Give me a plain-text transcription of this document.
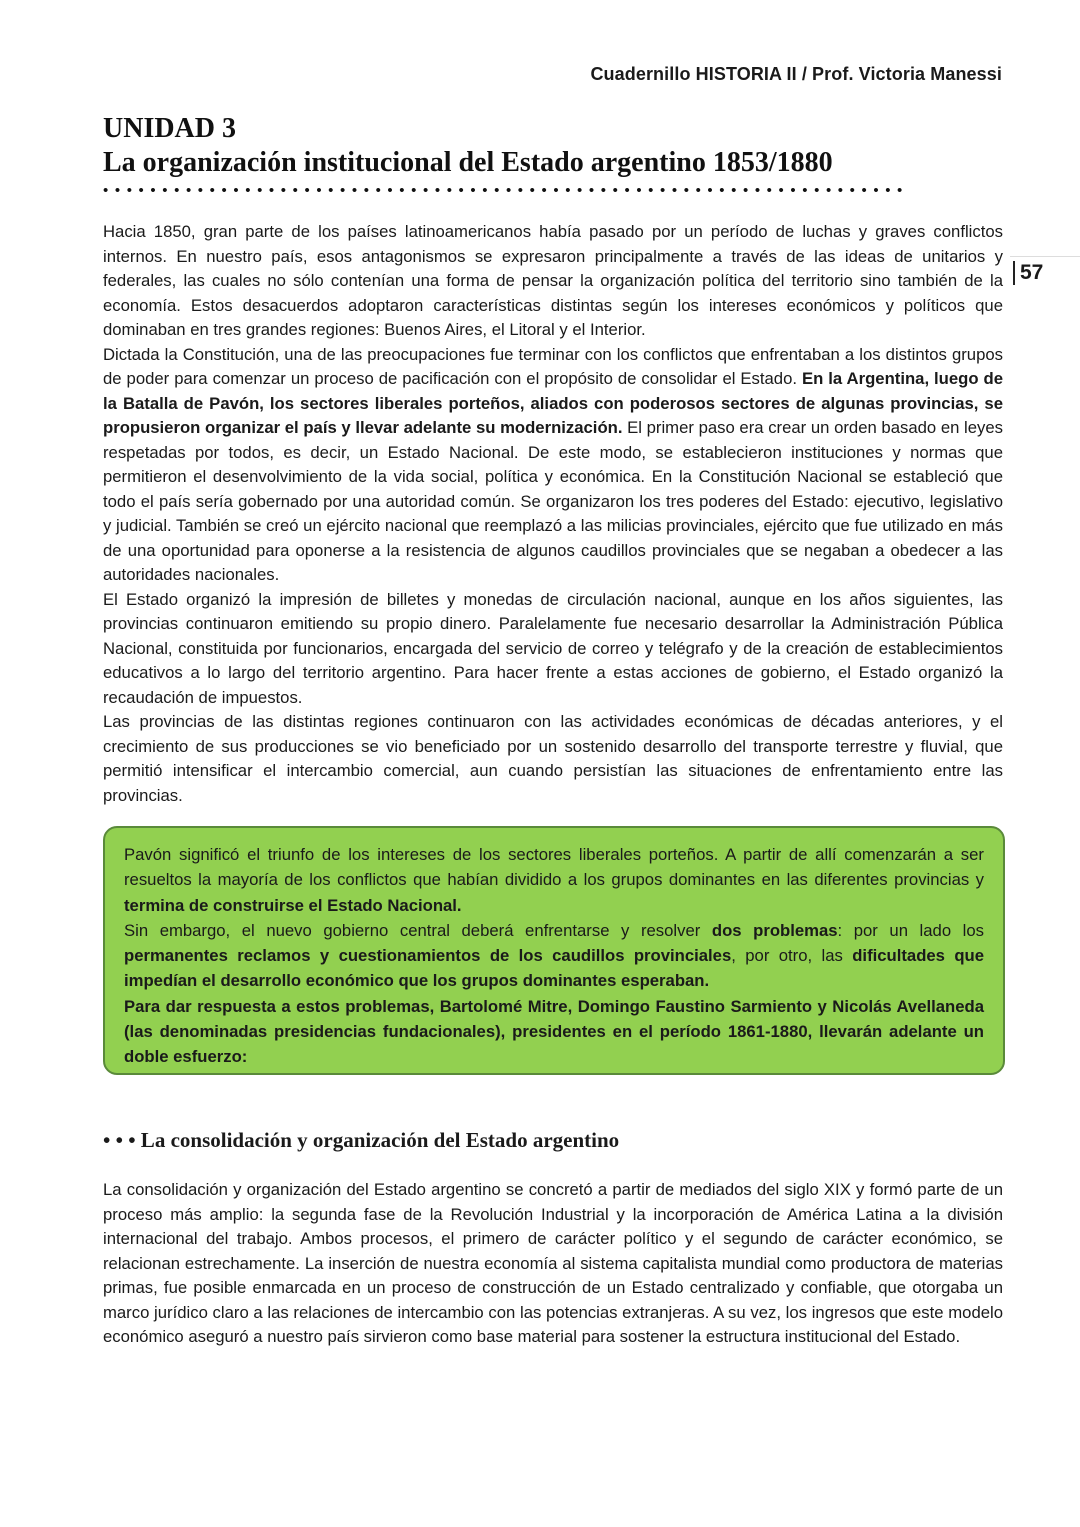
Cuadernillo HISTORIA II / Prof. Victoria Manessi
57
UNIDAD 3
La organización institucional del Estado argentino 1853/1880
••••••••••••••••••••••••••••••••••••••••••••••••••••••••••••••••••••

Hacia 1850, gran parte de los países latinoamericanos había pasado por un período de luchas y graves conflictos internos. En nuestro país, esos antagonismos se expresaron principalmente a través de las ideas de unitarios y federales, las cuales no sólo contenían una forma de pensar la organización política del territorio sino también de la economía. Estos desacuerdos adoptaron características distintas según los intereses económicos y políticos que dominaban en tres grandes regiones: Buenos Aires, el Litoral y el Interior.

Dictada la Constitución, una de las preocupaciones fue terminar con los conflictos que enfrentaban a los distintos grupos de poder para comenzar un proceso de pacificación con el propósito de consolidar el Estado. En la Argentina, luego de la Batalla de Pavón, los sectores liberales porteños, aliados con poderosos sectores de algunas provincias, se propusieron organizar el país y llevar adelante su modernización. El primer paso era crear un orden basado en leyes respetadas por todos, es decir, un Estado Nacional. De este modo, se establecieron instituciones y normas que permitieron el desenvolvimiento de la vida social, política y económica. En la Constitución Nacional se estableció que todo el país sería gobernado por una autoridad común. Se organizaron los tres poderes del Estado: ejecutivo, legislativo y judicial. También se creó un ejército nacional que reemplazó a las milicias provinciales, ejército que fue utilizado en más de una oportunidad para oponerse a la resistencia de algunos caudillos provinciales que se negaban a obedecer a las autoridades nacionales.

El Estado organizó la impresión de billetes y monedas de circulación nacional, aunque en los años siguientes, las provincias continuaron emitiendo su propio dinero. Paralelamente fue necesario desarrollar la Administración Pública Nacional, constituida por funcionarios, encargada del servicio de correo y telégrafo y de la creación de establecimientos educativos a lo largo del territorio argentino. Para hacer frente a estas acciones de gobierno, el Estado organizó la recaudación de impuestos.

Las provincias de las distintas regiones continuaron con las actividades económicas de décadas anteriores, y el crecimiento de sus producciones se vio beneficiado por un sostenido desarrollo del transporte terrestre y fluvial, que permitió intensificar el intercambio comercial, aun cuando persistían las situaciones de enfrentamiento entre las provincias.

Pavón significó el triunfo de los intereses de los sectores liberales porteños. A partir de allí comenzarán a ser resueltos la mayoría de los conflictos que habían dividido a los grupos dominantes en las diferentes provincias y termina de construirse el Estado Nacional.

Sin embargo, el nuevo gobierno central deberá enfrentarse y resolver dos problemas: por un lado los permanentes reclamos y cuestionamientos de los caudillos provinciales, por otro, las dificultades que impedían el desarrollo económico que los grupos dominantes esperaban.

Para dar respuesta a estos problemas, Bartolomé Mitre, Domingo Faustino Sarmiento y Nicolás Avellaneda (las denominadas presidencias fundacionales), presidentes en el período 1861-1880, llevarán adelante un doble esfuerzo:

• • • La consolidación y organización del Estado argentino

La consolidación y organización del Estado argentino se concretó a partir de mediados del siglo XIX y formó parte de un proceso más amplio: la segunda fase de la Revolución Industrial y la incorporación de América Latina a la división internacional del trabajo. Ambos procesos, el primero de carácter político y el segundo de carácter económico, se relacionan estrechamente. La inserción de nuestra economía al sistema capitalista mundial como productora de materias primas, fue posible enmarcada en un proceso de construcción de un Estado centralizado y confiable, que otorgaba un marco jurídico claro a las relaciones de intercambio con las potencias extranjeras. A su vez, los ingresos que este modelo económico aseguró a nuestro país sirvieron como base material para sostener la estructura institucional del Estado.
